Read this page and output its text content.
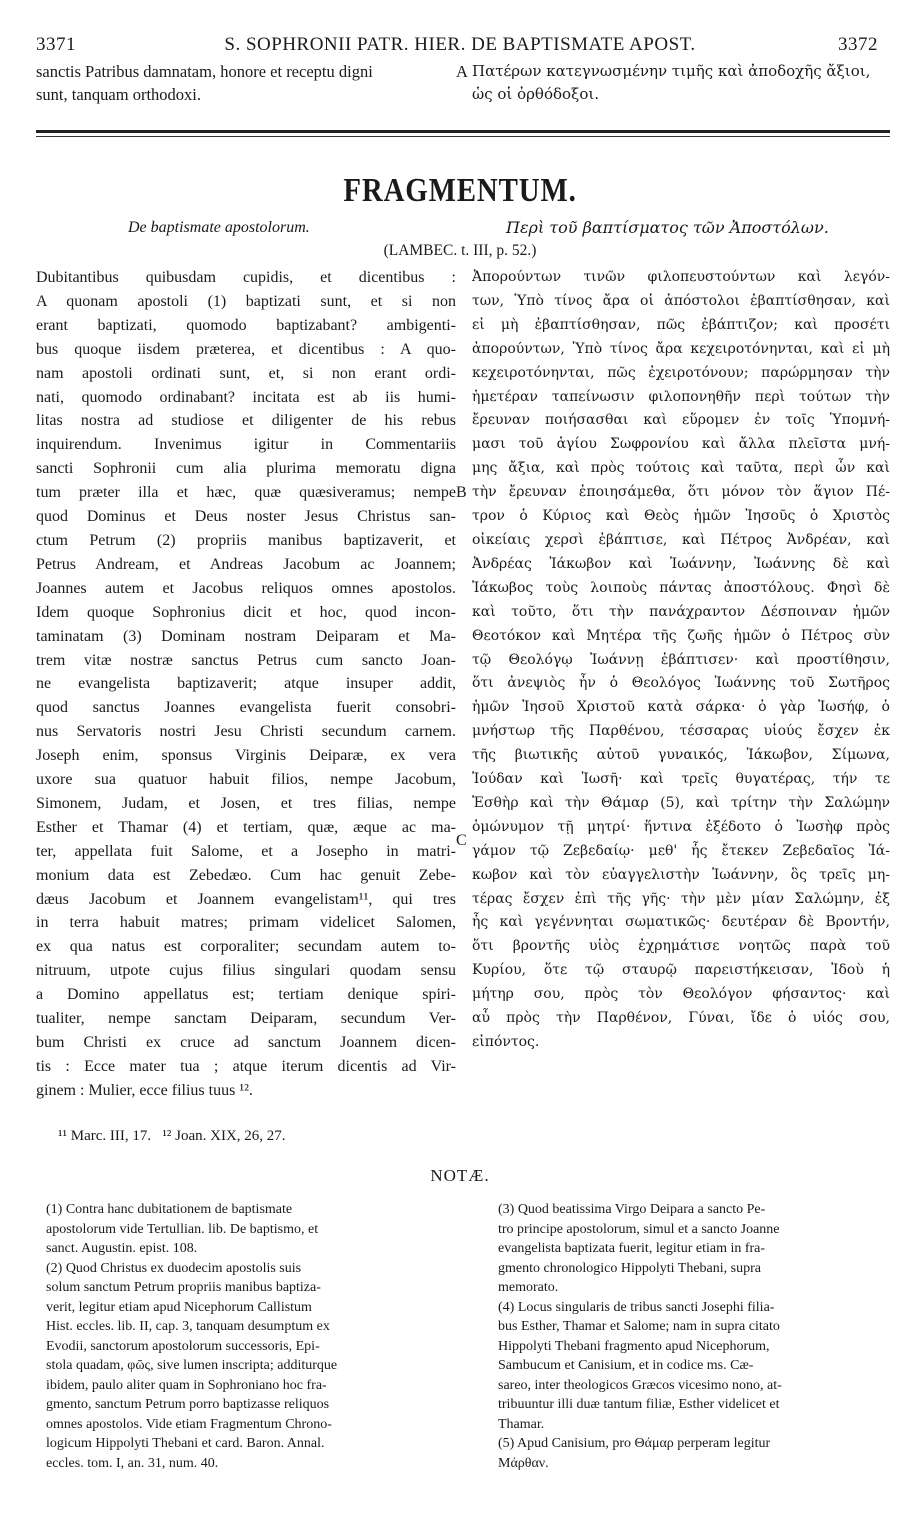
3371	S. SOPHRONII PATR. HIER. DE BAPTISMATE APOST.	3372
sanctis Patribus damnatam, honore et receptu digni
sunt, tanquam orthodoxi.
A Πατέρων κατεγνωσμένην τιμῆς καὶ ἀποδοχῆς ἄξιοι,
ὡς οἱ ὀρθόδοξοι.
FRAGMENTUM.
De baptismate apostolorum.	Περὶ τοῦ βαπτίσματος τῶν Ἀποστόλων.
(LAMBEC. t. III, p. 52.)
Dubitantibus quibusdam cupidis, et dicentibus :
A quonam apostoli (1) baptizati sunt, et si non
erant baptizati, quomodo baptizabant? ambigenti-
bus quoque iisdem præterea, et dicentibus : A quo-
nam apostoli ordinati sunt, et, si non erant ordi-
nati, quomodo ordinabant? incitata est ab iis humi-
litas nostra ad studiose et diligenter de his rebus
inquirendum. Invenimus igitur in Commentariis
sancti Sophronii cum alia plurima memoratu digna
tum præter illa et hæc, quæ quæsiveramus; nempe
quod Dominus et Deus noster Jesus Christus san-
ctum Petrum (2) propriis manibus baptizaverit, et
Petrus Andream, et Andreas Jacobum ac Joannem;
Joannes autem et Jacobus reliquos omnes apostolos.
Idem quoque Sophronius dicit et hoc, quod incon-
taminatam (3) Dominam nostram Deiparam et Ma-
trem vitæ nostræ sanctus Petrus cum sancto Joan-
ne evangelista baptizaverit; atque insuper addit,
quod sanctus Joannes evangelista fuerit consobri-
nus Servatoris nostri Jesu Christi secundum carnem.
Joseph enim, sponsus Virginis Deiparæ, ex vera
uxore sua quatuor habuit filios, nempe Jacobum,
Simonem, Judam, et Josen, et tres filias, nempe
Esther et Thamar (4) et tertiam, quæ, æque ac ma-
ter, appellata fuit Salome, et a Josepho in matri-
monium data est Zebedæo. Cum hac genuit Zebe-
dæus Jacobum et Joannem evangelistam¹¹, qui tres
in terra habuit matres; primam videlicet Salomen,
ex qua natus est corporaliter; secundam autem to-
nitruum, utpote cujus filius singulari quodam sensu
a Domino appellatus est; tertiam denique spiri-
tualiter, nempe sanctam Deiparam, secundum Ver-
bum Christi ex cruce ad sanctum Joannem dicen-
tis : Ecce mater tua ; atque iterum dicentis ad Vir-
ginem : Mulier, ecce filius tuus ¹².
B
C
Ἀπορούντων τινῶν φιλοπευστούντων καὶ λεγόν-
των, Ὑπὸ τίνος ἄρα οἱ ἀπόστολοι ἐβαπτίσθησαν, καὶ
εἰ μὴ ἐβαπτίσθησαν, πῶς ἐβάπτιζον; καὶ προσέτι
ἀπορούντων, Ὑπὸ τίνος ἄρα κεχειροτόνηνται, καὶ εἰ μὴ
κεχειροτόνηνται, πῶς ἐχειροτόνουν; παρώρμησαν τὴν
ἡμετέραν ταπείνωσιν φιλοπονηθῆν περὶ τούτων τὴν
ἔρευναν ποιήσασθαι καὶ εὕρομεν ἐν τοῖς Ὑπομνή-
μασι τοῦ ἁγίου Σωφρονίου καὶ ἄλλα πλεῖστα μνή-
μης ἄξια, καὶ πρὸς τούτοις καὶ ταῦτα, περὶ ὧν καὶ
τὴν ἔρευναν ἐποιησάμεθα, ὅτι μόνον τὸν ἅγιον Πέ-
τρον ὁ Κύριος καὶ Θεὸς ἡμῶν Ἰησοῦς ὁ Χριστὸς
οἰκείαις χερσὶ ἐβάπτισε, καὶ Πέτρος Ἀνδρέαν, καὶ
Ἀνδρέας Ἰάκωβον καὶ Ἰωάννην, Ἰωάννης δὲ καὶ
Ἰάκωβος τοὺς λοιποὺς πάντας ἀποστόλους. Φησὶ δὲ
καὶ τοῦτο, ὅτι τὴν πανάχραντον Δέσποιναν ἡμῶν
Θεοτόκον καὶ Μητέρα τῆς ζωῆς ἡμῶν ὁ Πέτρος σὺν
τῷ Θεολόγῳ Ἰωάννῃ ἐβάπτισεν· καὶ προστίθησιν,
ὅτι ἀνεψιὸς ἦν ὁ Θεολόγος Ἰωάννης τοῦ Σωτῆρος
ἡμῶν Ἰησοῦ Χριστοῦ κατὰ σάρκα· ὁ γὰρ Ἰωσήφ, ὁ
μνήστωρ τῆς Παρθένου, τέσσαρας υἱούς ἔσχεν ἐκ
τῆς βιωτικῆς αὐτοῦ γυναικός, Ἰάκωβον, Σίμωνα,
Ἰούδαν καὶ Ἰωσῆ· καὶ τρεῖς θυγατέρας, τήν τε
Ἐσθὴρ καὶ τὴν Θάμαρ (5), καὶ τρίτην τὴν Σαλώμην
ὁμώνυμον τῇ μητρί· ἥντινα ἐξέδοτο ὁ Ἰωσὴφ πρὸς
γάμον τῷ Ζεβεδαίῳ· μεθ' ἧς ἔτεκεν Ζεβεδαῖος Ἰά-
κωβον καὶ τὸν εὐαγγελιστὴν Ἰωάννην, ὃς τρεῖς μη-
τέρας ἔσχεν ἐπὶ τῆς γῆς· τὴν μὲν μίαν Σαλώμην, ἐξ
ἧς καὶ γεγέννηται σωματικῶς· δευτέραν δὲ Βροντήν,
ὅτι βροντῆς υἱὸς ἐχρημάτισε νοητῶς παρὰ τοῦ
Κυρίου, ὅτε τῷ σταυρῷ παρειστήκεισαν, Ἰδοὺ ἡ
μήτηρ σου, πρὸς τὸν Θεολόγον φήσαντος· καὶ
αὖ πρὸς τὴν Παρθένον, Γύναι, ἴδε ὁ υἱός σου,
εἰπόντος.
¹¹ Marc. III, 17.   ¹² Joan. XIX, 26, 27.
NOTÆ.
(1) Contra hanc dubitationem de baptismate
apostolorum vide Tertullian. lib. De baptismo, et
sanct. Augustin. epist. 108.
(2) Quod Christus ex duodecim apostolis suis
solum sanctum Petrum propriis manibus baptiza-
verit, legitur etiam apud Nicephorum Callistum
Hist. eccles. lib. II, cap. 3, tanquam desumptum ex
Evodii, sanctorum apostolorum successoris, Epi-
stola quadam, φῶς, sive lumen inscripta; additurque
ibidem, paulo aliter quam in Sophroniano hoc fra-
gmento, sanctum Petrum porro baptizasse reliquos
omnes apostolos. Vide etiam Fragmentum Chrono-
logicum Hippolyti Thebani et card. Baron. Annal.
eccles. tom. I, an. 31, num. 40.
(3) Quod beatissima Virgo Deipara a sancto Pe-
tro principe apostolorum, simul et a sancto Joanne
evangelista baptizata fuerit, legitur etiam in fra-
gmento chronologico Hippolyti Thebani, supra
memorato.
(4) Locus singularis de tribus sancti Josephi filia-
bus Esther, Thamar et Salome; nam in supra citato
Hippolyti Thebani fragmento apud Nicephorum,
Sambucum et Canisium, et in codice ms. Cæ-
sareo, inter theologicos Græcos vicesimo nono, at-
tribuuntur illi duæ tantum filiæ, Esther videlicet et
Thamar.
(5) Apud Canisium, pro Θάμαρ perperam legitur
Μάρθαν.
